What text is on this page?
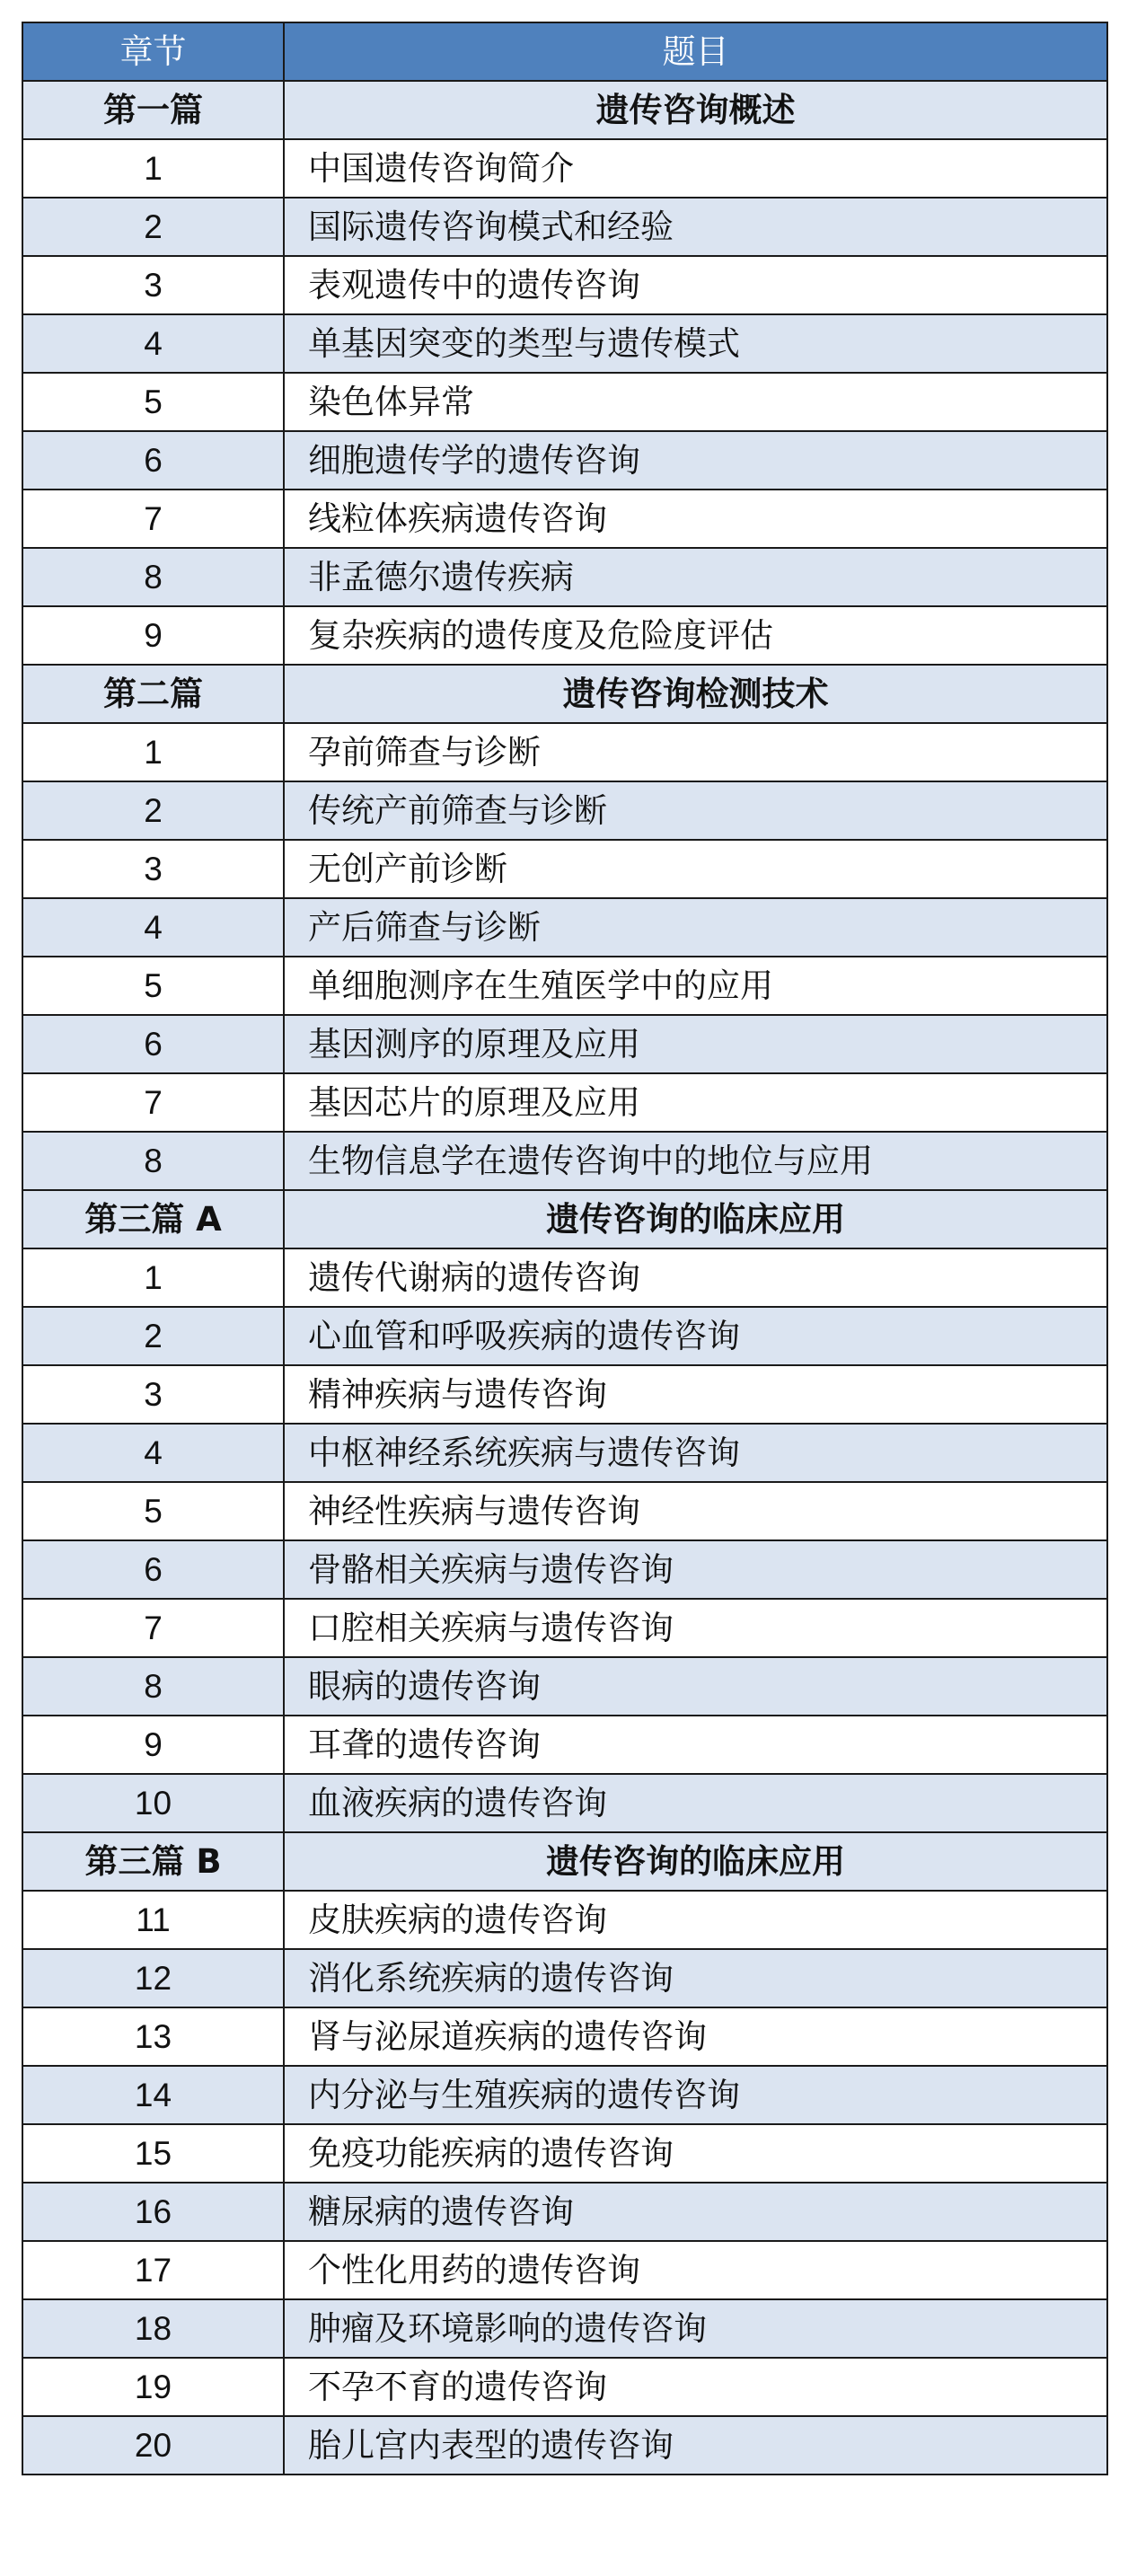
章节	题目
第一篇	遗传咨询概述
1	中国遗传咨询简介
2	国际遗传咨询模式和经验
3	表观遗传中的遗传咨询
4	单基因突变的类型与遗传模式
5	染色体异常
6	细胞遗传学的遗传咨询
7	线粒体疾病遗传咨询
8	非孟德尔遗传疾病
9	复杂疾病的遗传度及危险度评估
第二篇	遗传咨询检测技术
1	孕前筛查与诊断
2	传统产前筛查与诊断
3	无创产前诊断
4	产后筛查与诊断
5	单细胞测序在生殖医学中的应用
6	基因测序的原理及应用
7	基因芯片的原理及应用
8	生物信息学在遗传咨询中的地位与应用
第三篇 A	遗传咨询的临床应用
1	遗传代谢病的遗传咨询
2	心血管和呼吸疾病的遗传咨询
3	精神疾病与遗传咨询
4	中枢神经系统疾病与遗传咨询
5	神经性疾病与遗传咨询
6	骨骼相关疾病与遗传咨询
7	口腔相关疾病与遗传咨询
8	眼病的遗传咨询
9	耳聋的遗传咨询
10	血液疾病的遗传咨询
第三篇 B	遗传咨询的临床应用
11	皮肤疾病的遗传咨询
12	消化系统疾病的遗传咨询
13	肾与泌尿道疾病的遗传咨询
14	内分泌与生殖疾病的遗传咨询
15	免疫功能疾病的遗传咨询
16	糖尿病的遗传咨询
17	个性化用药的遗传咨询
18	肿瘤及环境影响的遗传咨询
19	不孕不育的遗传咨询
20	胎儿宫内表型的遗传咨询
